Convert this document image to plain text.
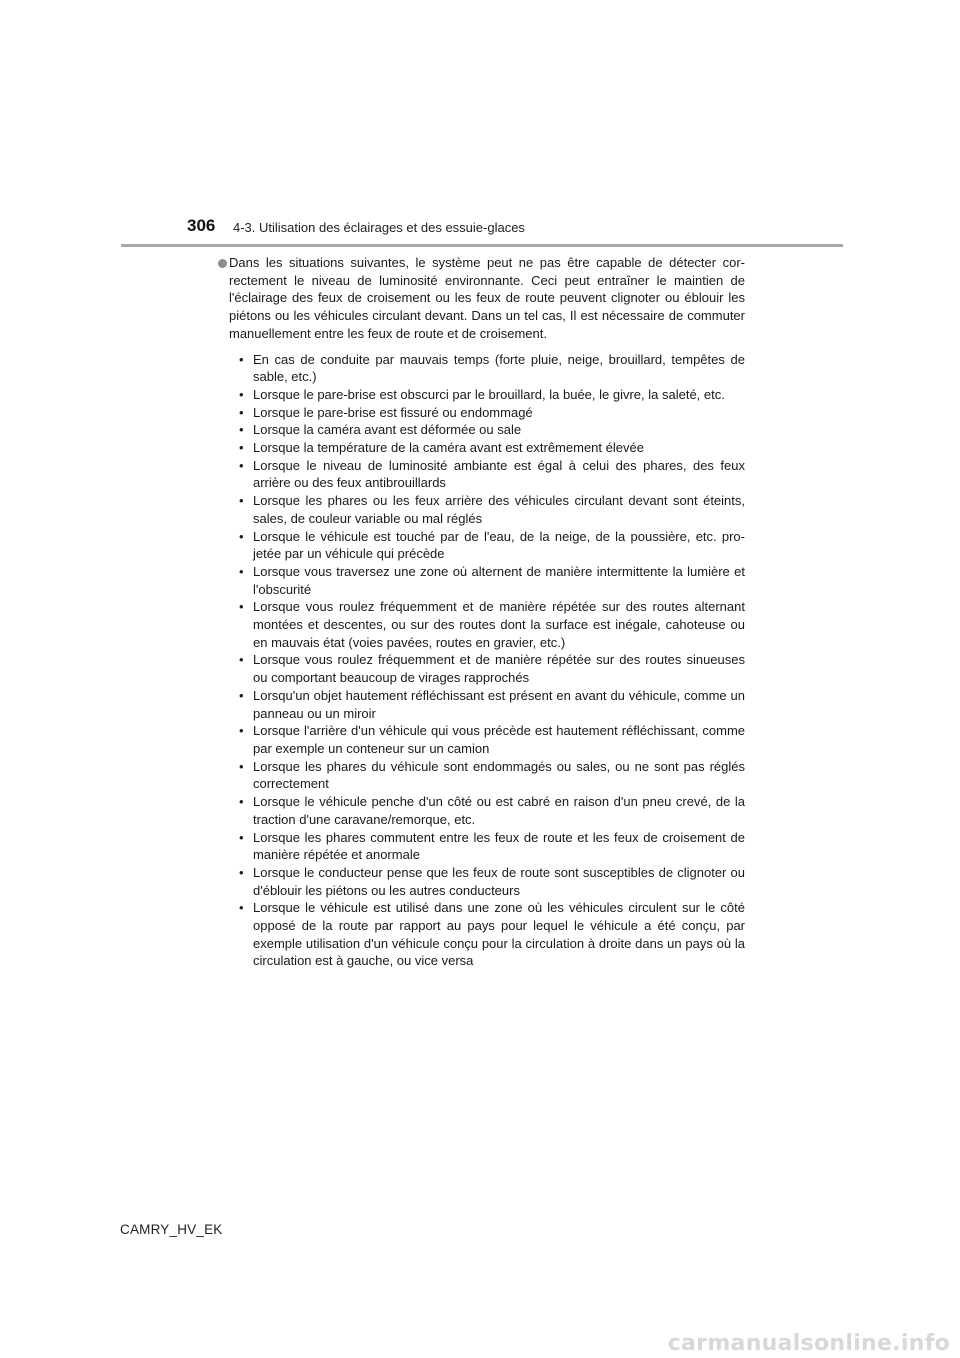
306 4-3. Utilisation des éclairages et des essuie-glaces

Dans les situations suivantes, le système peut ne pas être capable de détecter cor-rectement le niveau de luminosité environnante. Ceci peut entraîner le maintien de l'éclairage des feux de croisement ou les feux de route peuvent clignoter ou éblouir les piétons ou les véhicules circulant devant. Dans un tel cas, Il est nécessaire de commuter manuellement entre les feux de route et de croisement.

• En cas de conduite par mauvais temps (forte pluie, neige, brouillard, tempêtes de sable, etc.)
• Lorsque le pare-brise est obscurci par le brouillard, la buée, le givre, la saleté, etc.
• Lorsque le pare-brise est fissuré ou endommagé
• Lorsque la caméra avant est déformée ou sale
• Lorsque la température de la caméra avant est extrêmement élevée
• Lorsque le niveau de luminosité ambiante est égal à celui des phares, des feux arrière ou des feux antibrouillards
• Lorsque les phares ou les feux arrière des véhicules circulant devant sont éteints, sales, de couleur variable ou mal réglés
• Lorsque le véhicule est touché par de l'eau, de la neige, de la poussière, etc. pro-jetée par un véhicule qui précède
• Lorsque vous traversez une zone où alternent de manière intermittente la lumière et l'obscurité
• Lorsque vous roulez fréquemment et de manière répétée sur des routes alternant montées et descentes, ou sur des routes dont la surface est inégale, cahoteuse ou en mauvais état (voies pavées, routes en gravier, etc.)
• Lorsque vous roulez fréquemment et de manière répétée sur des routes sinueuses ou comportant beaucoup de virages rapprochés
• Lorsqu'un objet hautement réfléchissant est présent en avant du véhicule, comme un panneau ou un miroir
• Lorsque l'arrière d'un véhicule qui vous précède est hautement réfléchissant, comme par exemple un conteneur sur un camion
• Lorsque les phares du véhicule sont endommagés ou sales, ou ne sont pas réglés correctement
• Lorsque le véhicule penche d'un côté ou est cabré en raison d'un pneu crevé, de la traction d'une caravane/remorque, etc.
• Lorsque les phares commutent entre les feux de route et les feux de croisement de manière répétée et anormale
• Lorsque le conducteur pense que les feux de route sont susceptibles de clignoter ou d'éblouir les piétons ou les autres conducteurs
• Lorsque le véhicule est utilisé dans une zone où les véhicules circulent sur le côté opposé de la route par rapport au pays pour lequel le véhicule a été conçu, par exemple utilisation d'un véhicule conçu pour la circulation à droite dans un pays où la circulation est à gauche, ou vice versa
CAMRY_HV_EK
carmanualsonline.info
